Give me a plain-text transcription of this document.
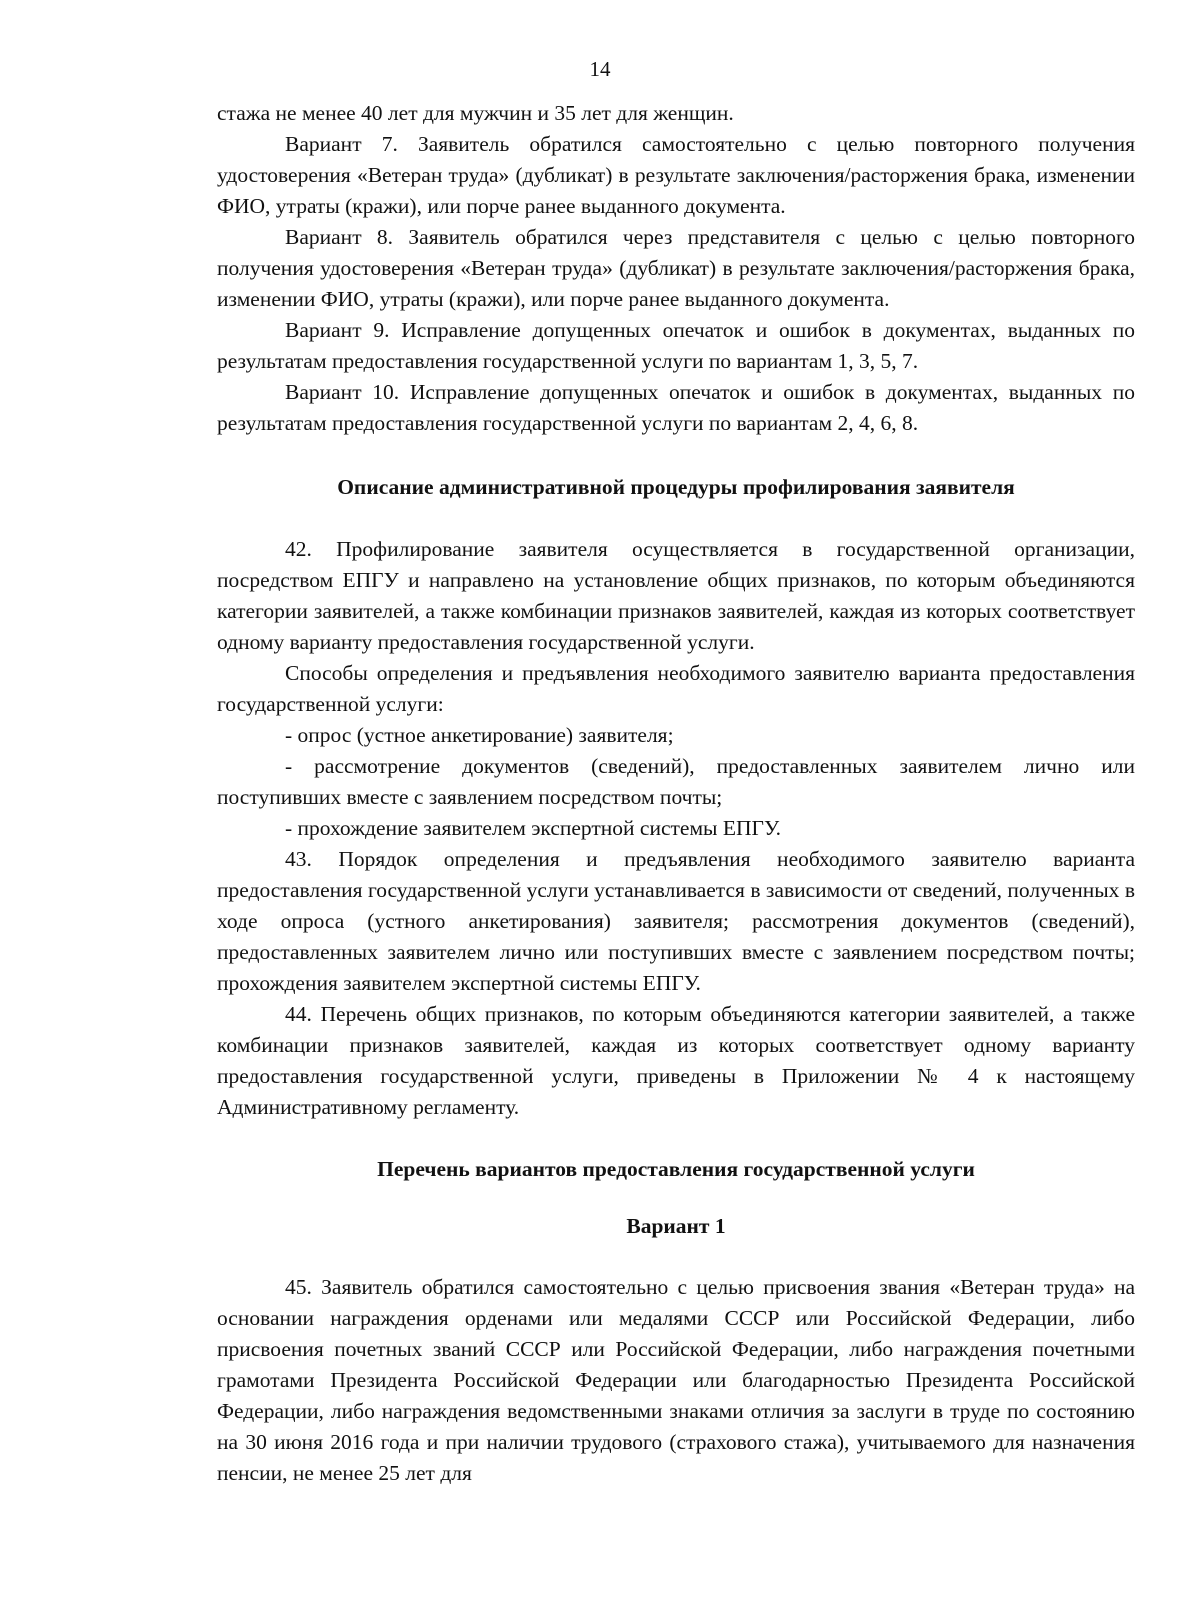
14

стажа не менее 40 лет для мужчин и 35 лет для женщин.

Вариант 7. Заявитель обратился самостоятельно с целью повторного получения удостоверения «Ветеран труда» (дубликат) в результате заключения/расторжения брака, изменении ФИО, утраты (кражи), или порче ранее выданного документа.

Вариант 8. Заявитель обратился через представителя с целью с целью повторного получения удостоверения «Ветеран труда» (дубликат) в результате заключения/расторжения брака, изменении ФИО, утраты (кражи), или порче ранее выданного документа.

Вариант 9. Исправление допущенных опечаток и ошибок в документах, выданных по результатам предоставления государственной услуги по вариантам 1, 3, 5, 7.

Вариант 10. Исправление допущенных опечаток и ошибок в документах, выданных по результатам предоставления государственной услуги по вариантам 2, 4, 6, 8.

Описание административной процедуры профилирования заявителя

42. Профилирование заявителя осуществляется в государственной организации, посредством ЕПГУ и направлено на установление общих признаков, по которым объединяются категории заявителей, а также комбинации признаков заявителей, каждая из которых соответствует одному варианту предоставления государственной услуги.

Способы определения и предъявления необходимого заявителю варианта предоставления государственной услуги:

- опрос (устное анкетирование) заявителя;

- рассмотрение документов (сведений), предоставленных заявителем лично или поступивших вместе с заявлением посредством почты;

- прохождение заявителем экспертной системы ЕПГУ.

43. Порядок определения и предъявления необходимого заявителю варианта предоставления государственной услуги устанавливается в зависимости от сведений, полученных в ходе опроса (устного анкетирования) заявителя; рассмотрения документов (сведений), предоставленных заявителем лично или поступивших вместе с заявлением посредством почты; прохождения заявителем экспертной системы ЕПГУ.

44. Перечень общих признаков, по которым объединяются категории заявителей, а также комбинации признаков заявителей, каждая из которых соответствует одному варианту предоставления государственной услуги, приведены в Приложении № 4 к настоящему Административному регламенту.

Перечень вариантов предоставления государственной услуги
Вариант 1

45. Заявитель обратился самостоятельно с целью присвоения звания «Ветеран труда» на основании награждения орденами или медалями СССР или Российской Федерации, либо присвоения почетных званий СССР или Российской Федерации, либо награждения почетными грамотами Президента Российской Федерации или благодарностью Президента Российской Федерации, либо награждения ведомственными знаками отличия за заслуги в труде по состоянию на 30 июня 2016 года и при наличии трудового (страхового стажа), учитываемого для назначения пенсии, не менее 25 лет для
